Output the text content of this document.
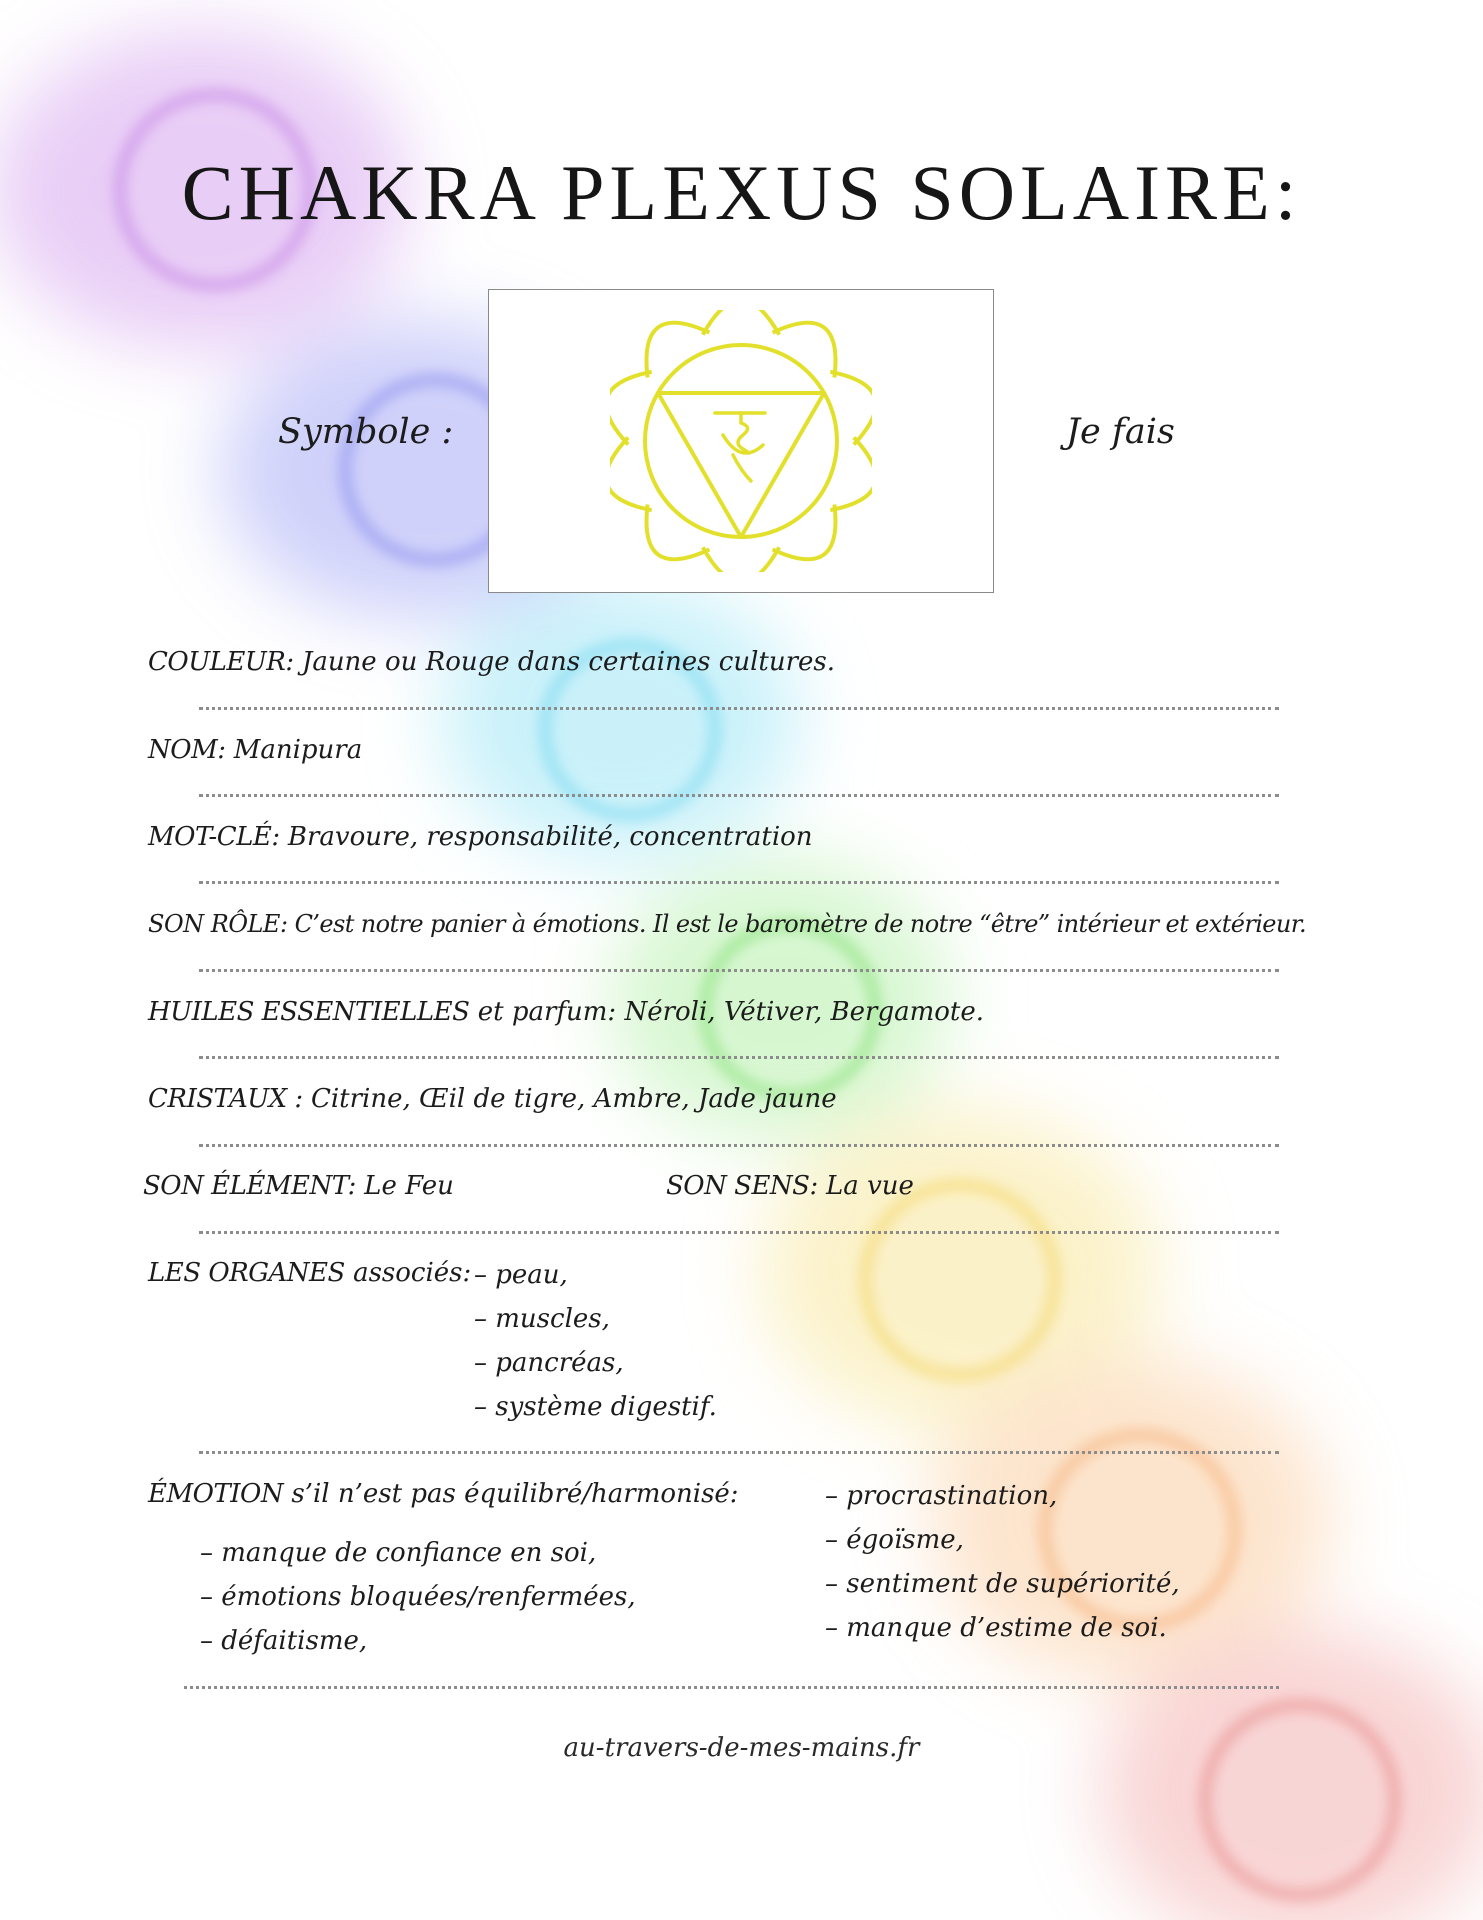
CHAKRA PLEXUS SOLAIRE:
Symbole :	Je fais
COULEUR: Jaune ou Rouge dans certaines cultures.
NOM: Manipura
MOT-CLÉ: Bravoure, responsabilité, concentration
SON RÔLE: C’est notre panier à émotions. Il est le baromètre de notre “être” intérieur et extérieur.
HUILES ESSENTIELLES et parfum: Néroli, Vétiver, Bergamote.
CRISTAUX : Citrine, Œil de tigre, Ambre, Jade jaune
SON ÉLÉMENT: Le Feu	SON SENS: La vue
LES ORGANES associés: – peau,
– muscles,
– pancréas,
– système digestif.
ÉMOTION s’il n’est pas équilibré/harmonisé:
– manque de confiance en soi,
– émotions bloquées/renfermées,
– défaitisme,
– procrastination,
– égoïsme,
– sentiment de supériorité,
– manque d’estime de soi.
au-travers-de-mes-mains.fr
